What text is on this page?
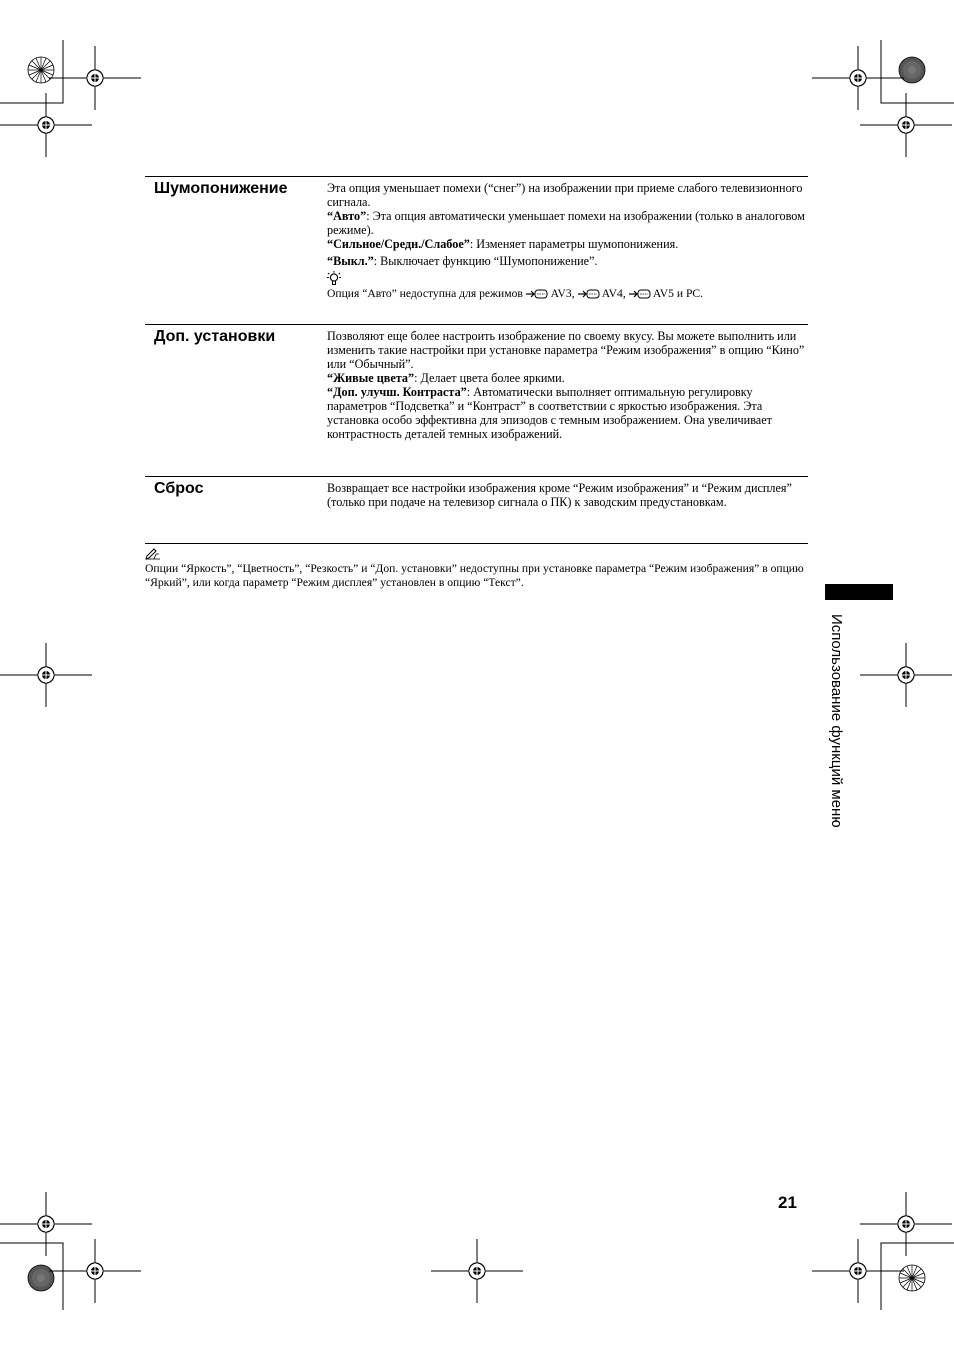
Шумопонижение	Эта опция уменьшает помехи (“снег”) на изображении при приеме слабого телевизионного сигнала.

“Авто”: Эта опция автоматически уменьшает помехи на изображении (только в аналоговом режиме).

“Сильное/Средн./Слабое”: Изменяет параметры шумопонижения.

“Выкл.”: Выключает функцию “Шумопонижение”.

Опция “Авто” недоступна для режимов AV3, AV4, AV5 и PC.

Доп. установки	Позволяют еще более настроить изображение по своему вкусу. Вы можете выполнить или изменить такие настройки при установке параметра “Режим изображения” в опцию “Кино” или “Обычный”.

“Живые цвета”: Делает цвета более яркими.

“Доп. улучш. Контраста”: Автоматически выполняет оптимальную регулировку параметров “Подсветка” и “Контраст” в соответствии с яркостью изображения. Эта установка особо эффективна для эпизодов с темным изображением. Она увеличивает контрастность деталей темных изображений.

Сброс	Возвращает все настройки изображения кроме “Режим изображения” и “Режим дисплея” (только при подаче на телевизор сигнала о ПК) к заводским предустановкам.

Опции “Яркость”, “Цветность”, “Резкость” и “Доп. установки” недоступны при установке параметра “Режим изображения” в опцию “Яркий”, или когда параметр “Режим дисплея” установлен в опцию “Текст”.

Использование функций меню
21
